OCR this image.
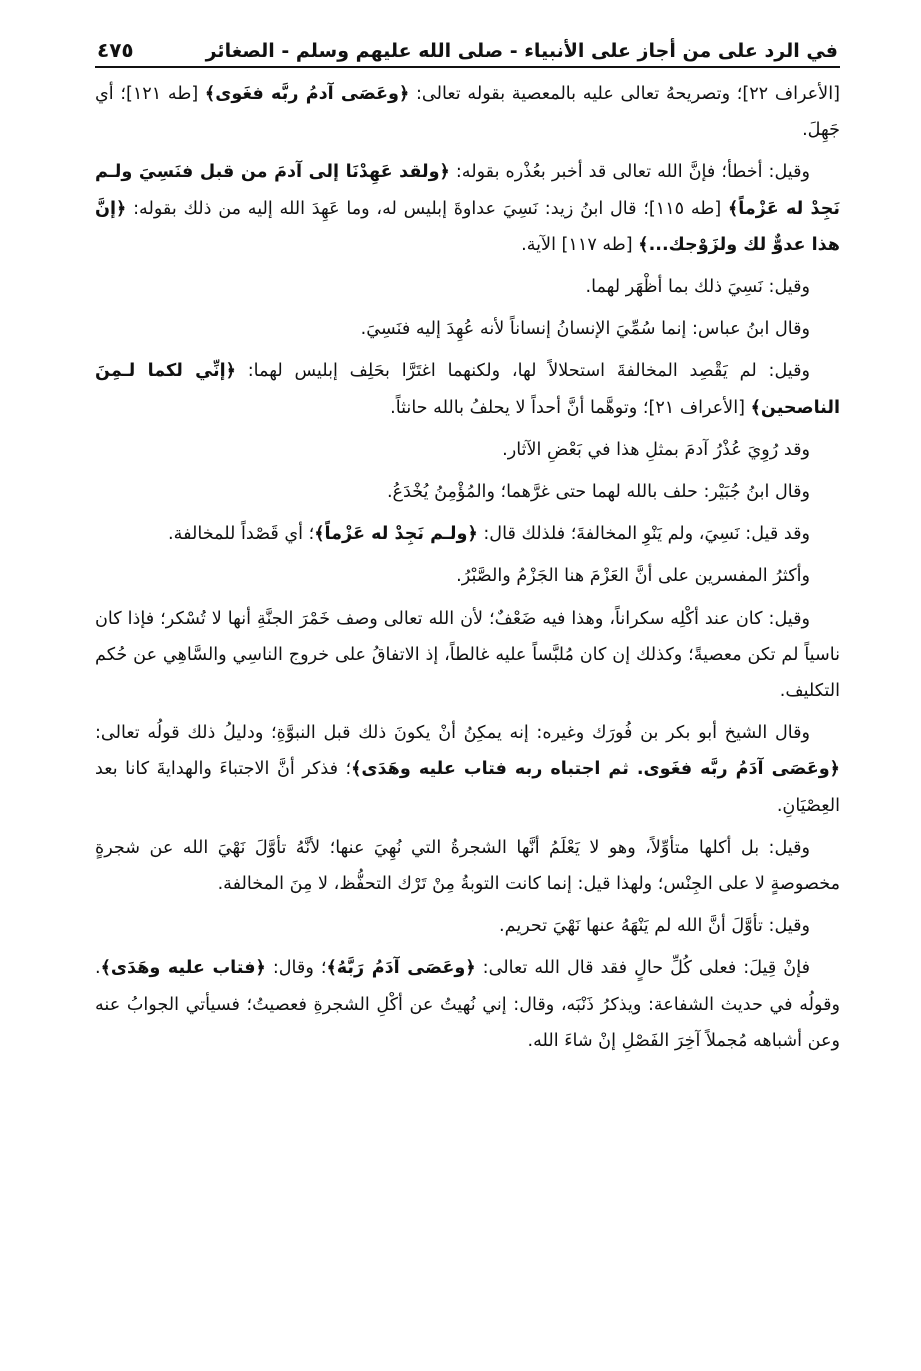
في الرد على من أجاز على الأنبياء - صلى الله عليهم وسلم - الصغائر
٤٧٥

[الأعراف ٢٢]؛ وتصريحهُ تعالى عليه بالمعصية بقوله تعالى: ﴿وعَصَى آدمُ ربَّه فغَوى﴾ [طه ١٢١]؛ أي جَهِلَ.

وقيل: أخطأ؛ فإنَّ الله تعالى قد أخبر بعُذْره بقوله: ﴿ولقد عَهِدْنَا إلى آدمَ من قبل فنَسِيَ ولـم نَجِدْ له عَزْماً﴾ [طه ١١٥]؛ قال ابنُ زيد: نَسِيَ عداوةَ إبليس له، وما عَهِدَ الله إليه من ذلك بقوله: ﴿إنَّ هذا عدوٌّ لك ولزَوْجك...﴾ [طه ١١٧] الآية.

وقيل: نَسِيَ ذلك بما أظْهَر لهما.

وقال ابنُ عباس: إنما سُمِّيَ الإنسانُ إنساناً لأنه عُهِدَ إليه فنَسِيَ.

وقيل: لم يَقْصِد المخالفةَ استحلالاً لها، ولكنهما اغتَرَّا بحَلِف إبليس لهما: ﴿إنِّي لكما لـمِنَ الناصحين﴾ [الأعراف ٢١]؛ وتوهَّما أنَّ أحداً لا يحلفُ بالله حانثاً.

وقد رُوِيَ عُذْرُ آدمَ بمثلِ هذا في بَعْضِ الآثار.

وقال ابنُ جُبَيْر: حلف بالله لهما حتى غرَّهما؛ والمُؤْمِنُ يُخْدَعُ.

وقد قيل: نَسِيَ، ولم يَنْوِ المخالفةَ؛ فلذلك قال: ﴿ولـم نَجِدْ له عَزْماً﴾؛ أي قَصْداً للمخالفة.

وأكثرُ المفسرين على أنَّ العَزْمَ هنا الجَزْمُ والصَّبْرُ.

وقيل: كان عند أكْلِه سكراناً، وهذا فيه ضَعْفٌ؛ لأن الله تعالى وصف خَمْرَ الجنَّةِ أنها لا تُسْكر؛ فإذا كان ناسياً لم تكن معصيةً؛ وكذلك إن كان مُلبَّساً عليه غالطاً، إذ الاتفاقُ على خروج الناسِي والسَّاهِي عن حُكم التكليف.

وقال الشيخ أبو بكر بن فُورَك وغيره: إنه يمكِنُ أنْ يكونَ ذلك قبل النبوَّةِ؛ ودليلُ ذلك قولُه تعالى: ﴿وعَصَى آدَمُ ربَّه فغَوى. ثم اجتباه ربه فتاب عليه وهَدَى﴾؛ فذكر أنَّ الاجتباءَ والهدايةَ كانا بعد العِصْيَانِ.

وقيل: بل أكلها متأوِّلاً، وهو لا يَعْلَمُ أنَّها الشجرةُ التي نُهِيَ عنها؛ لأنَّهُ تأوَّلَ نَهْيَ الله عن شجرةٍ مخصوصةٍ لا على الجِنْس؛ ولهذا قيل: إنما كانت التوبةُ مِنْ تَرْك التحفُّظ، لا مِنَ المخالفة.

وقيل: تأوَّلَ أنَّ الله لم يَنْهَهُ عنها نَهْيَ تحريم.

فإنْ قِيلَ: فعلى كُلِّ حالٍ فقد قال الله تعالى: ﴿وعَصَى آدَمُ رَبَّهُ﴾؛ وقال: ﴿فتاب عليه وهَدَى﴾. وقولُه في حديث الشفاعة: ويذكرُ ذَنْبَه، وقال: إني نُهيتُ عن أكْلِ الشجرةِ فعصيتُ؛ فسيأتي الجوابُ عنه وعن أشباهه مُجملاً آخِرَ الفَصْلِ إنْ شاءَ الله.
